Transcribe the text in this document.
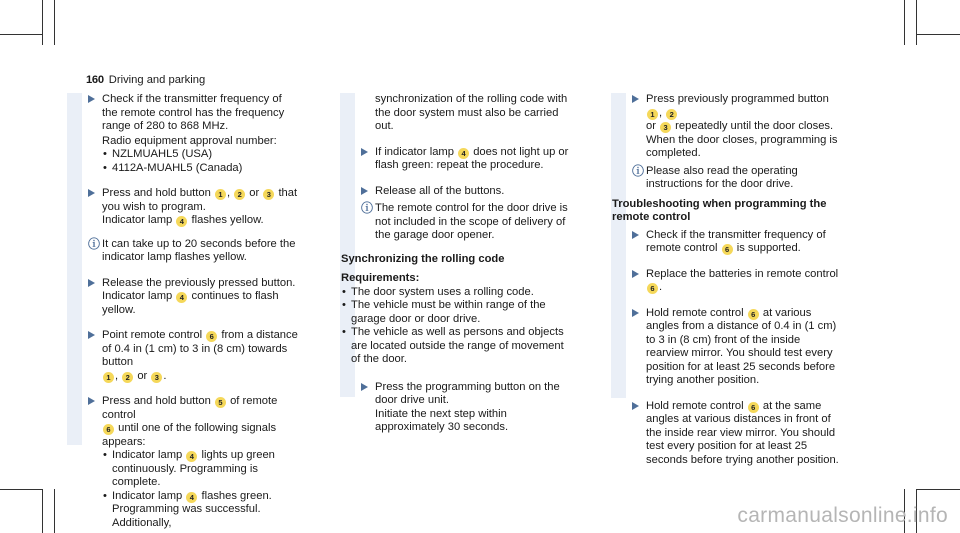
160 Driving and parking
Check if the transmitter frequency of the remote control has the frequency range of 280 to 868 MHz.
Radio equipment approval number:
• NZLMUAHL5 (USA)
• 4112A-MUAHL5 (Canada)
Press and hold button 1 , 2 or 3 that you wish to program.
Indicator lamp 4 flashes yellow.
ⓘ It can take up to 20 seconds before the indicator lamp flashes yellow.
Release the previously pressed button.
Indicator lamp 4 continues to flash yellow.
Point remote control 6 from a distance of 0.4 in (1 cm) to 3 in (8 cm) towards button
1 , 2 or 3 .
Press and hold button 5 of remote control
6 until one of the following signals appears:
• Indicator lamp 4 lights up green continuously. Programming is complete.
• Indicator lamp 4 flashes green. Programming was successful. Additionally,
synchronization of the rolling code with the door system must also be carried out.
If indicator lamp 4 does not light up or flash green: repeat the procedure.
Release all of the buttons.
ⓘ The remote control for the door drive is not included in the scope of delivery of the garage door opener.
Synchronizing the rolling code
Requirements:
• The door system uses a rolling code.
• The vehicle must be within range of the garage door or door drive.
• The vehicle as well as persons and objects are located outside the range of movement of the door.
Press the programming button on the door drive unit.
Initiate the next step within approximately 30 seconds.
Press previously programmed button 1 , 2
or 3 repeatedly until the door closes. When the door closes, programming is completed.
ⓘ Please also read the operating instructions for the door drive.
Troubleshooting when programming the remote control
Check if the transmitter frequency of remote control 6 is supported.
Replace the batteries in remote control 6 .
Hold remote control 6 at various angles from a distance of 0.4 in (1 cm) to 3 in (8 cm) front of the inside rearview mirror. You should test every position for at least 25 seconds before trying another position.
Hold remote control 6 at the same angles at various distances in front of the inside rear view mirror. You should test every position for at least 25 seconds before trying another position.
carmanualsonline.info
